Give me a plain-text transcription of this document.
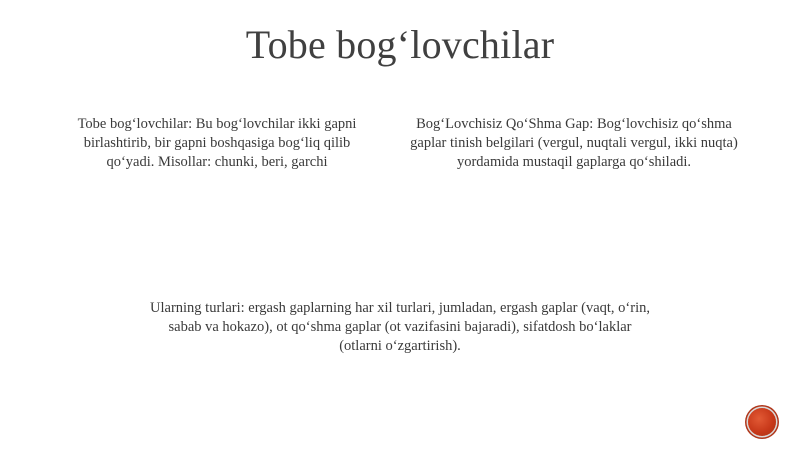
Tobe bog‘lovchilar
Tobe bog‘lovchilar: Bu bog‘lovchilar ikki gapni birlashtirib, bir gapni boshqasiga bog‘liq qilib qo‘yadi. Misollar: chunki, beri, garchi
Bog‘Lovchisiz Qo‘Shma Gap: Bog‘lovchisiz qo‘shma gaplar tinish belgilari (vergul, nuqtali vergul, ikki nuqta) yordamida mustaqil gaplarga qo‘shiladi.
Ularning turlari: ergash gaplarning har xil turlari, jumladan, ergash gaplar (vaqt, o‘rin, sabab va hokazo), ot qo‘shma gaplar (ot vazifasini bajaradi), sifatdosh bo‘laklar (otlarni o‘zgartirish).
